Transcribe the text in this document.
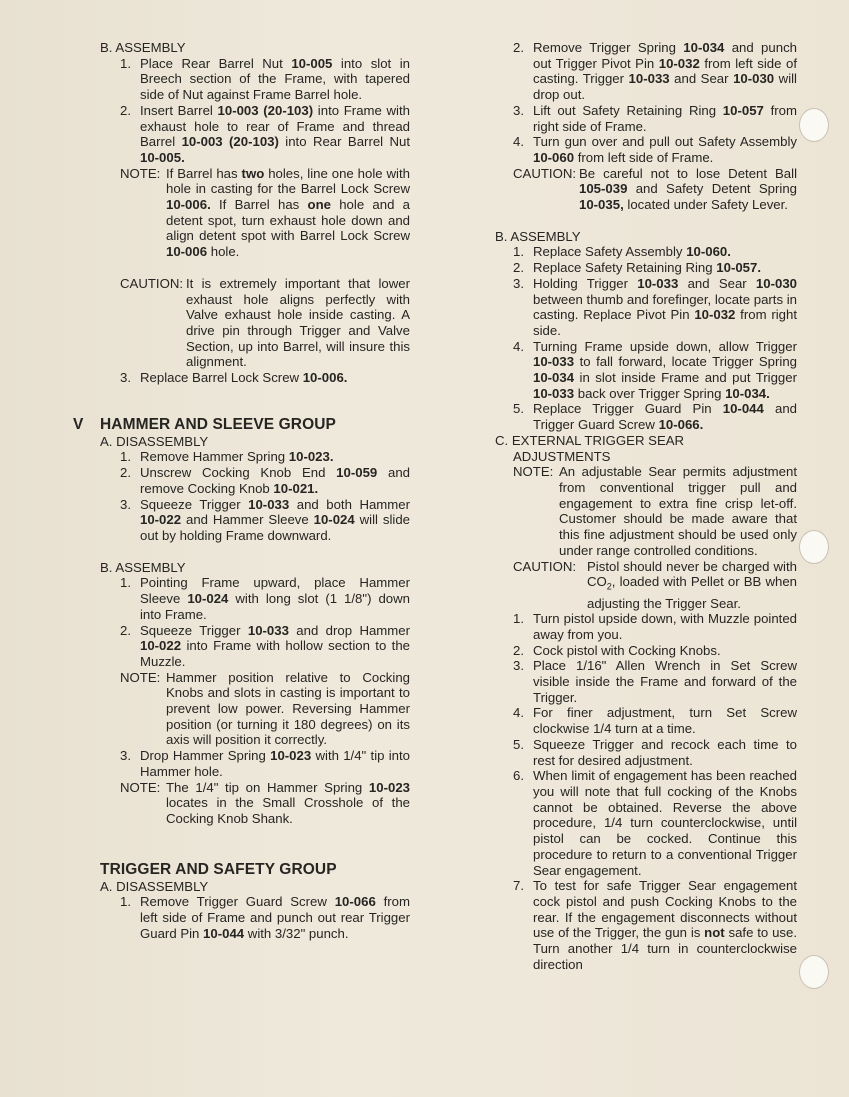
B. ASSEMBLY

1. Place Rear Barrel Nut 10-005 into slot in Breech section of the Frame, with tapered side of Nut against Frame Barrel hole.
2. Insert Barrel 10-003 (20-103) into Frame with exhaust hole to rear of Frame and thread Barrel 10-003 (20-103) into Rear Barrel Nut 10-005.
NOTE: If Barrel has two holes, line one hole with hole in casting for the Barrel Lock Screw 10-006. If Barrel has one hole and a detent spot, turn exhaust hole down and align detent spot with Barrel Lock Screw 10-006 hole.
CAUTION: It is extremely important that lower exhaust hole aligns perfectly with Valve exhaust hole inside casting. A drive pin through Trigger and Valve Section, up into Barrel, will insure this alignment.
3. Replace Barrel Lock Screw 10-006.
V HAMMER AND SLEEVE GROUP

A. DISASSEMBLY

1. Remove Hammer Spring 10-023.
2. Unscrew Cocking Knob End 10-059 and remove Cocking Knob 10-021.
3. Squeeze Trigger 10-033 and both Hammer 10-022 and Hammer Sleeve 10-024 will slide out by holding Frame downward.

B. ASSEMBLY

1. Pointing Frame upward, place Hammer Sleeve 10-024 with long slot (1 1/8") down into Frame.
2. Squeeze Trigger 10-033 and drop Hammer 10-022 into Frame with hollow section to the Muzzle.
NOTE: Hammer position relative to Cocking Knobs and slots in casting is important to prevent low power. Reversing Hammer position (or turning it 180 degrees) on its axis will position it correctly.
3. Drop Hammer Spring 10-023 with 1/4" tip into Hammer hole.
NOTE: The 1/4" tip on Hammer Spring 10-023 locates in the Small Crosshole of the Cocking Knob Shank.
TRIGGER AND SAFETY GROUP

A. DISASSEMBLY

1. Remove Trigger Guard Screw 10-066 from left side of Frame and punch out rear Trigger Guard Pin 10-044 with 3/32" punch.
2. Remove Trigger Spring 10-034 and punch out Trigger Pivot Pin 10-032 from left side of casting. Trigger 10-033 and Sear 10-030 will drop out.
3. Lift out Safety Retaining Ring 10-057 from right side of Frame.
4. Turn gun over and pull out Safety Assembly 10-060 from left side of Frame.
CAUTION: Be careful not to lose Detent Ball 105-039 and Safety Detent Spring 10-035, located under Safety Lever.

B. ASSEMBLY

1. Replace Safety Assembly 10-060.
2. Replace Safety Retaining Ring 10-057.
3. Holding Trigger 10-033 and Sear 10-030 between thumb and forefinger, locate parts in casting. Replace Pivot Pin 10-032 from right side.
4. Turning Frame upside down, allow Trigger 10-033 to fall forward, locate Trigger Spring 10-034 in slot inside Frame and put Trigger 10-033 back over Trigger Spring 10-034.
5. Replace Trigger Guard Pin 10-044 and Trigger Guard Screw 10-066.

C. EXTERNAL TRIGGER SEAR
ADJUSTMENTS

NOTE: An adjustable Sear permits adjustment from conventional trigger pull and engagement to extra fine crisp let-off. Customer should be made aware that this fine adjustment should be used only under range controlled conditions.
CAUTION: Pistol should never be charged with $CO_2$, loaded with Pellet or BB when adjusting the Trigger Sear.
1. Turn pistol upside down, with Muzzle pointed away from you.
2. Cock pistol with Cocking Knobs.
3. Place 1/16" Allen Wrench in Set Screw visible inside the Frame and forward of the Trigger.
4. For finer adjustment, turn Set Screw clockwise 1/4 turn at a time.
5. Squeeze Trigger and recock each time to rest for desired adjustment.
6. When limit of engagement has been reached you will note that full cocking of the Knobs cannot be obtained. Reverse the above procedure, 1/4 turn counterclockwise, until pistol can be cocked. Continue this procedure to return to a conventional Trigger Sear engagement.
7. To test for safe Trigger Sear engagement cock pistol and push Cocking Knobs to the rear. If the engagement disconnects without use of the Trigger, the gun is not safe to use. Turn another 1/4 turn in counterclockwise direction
